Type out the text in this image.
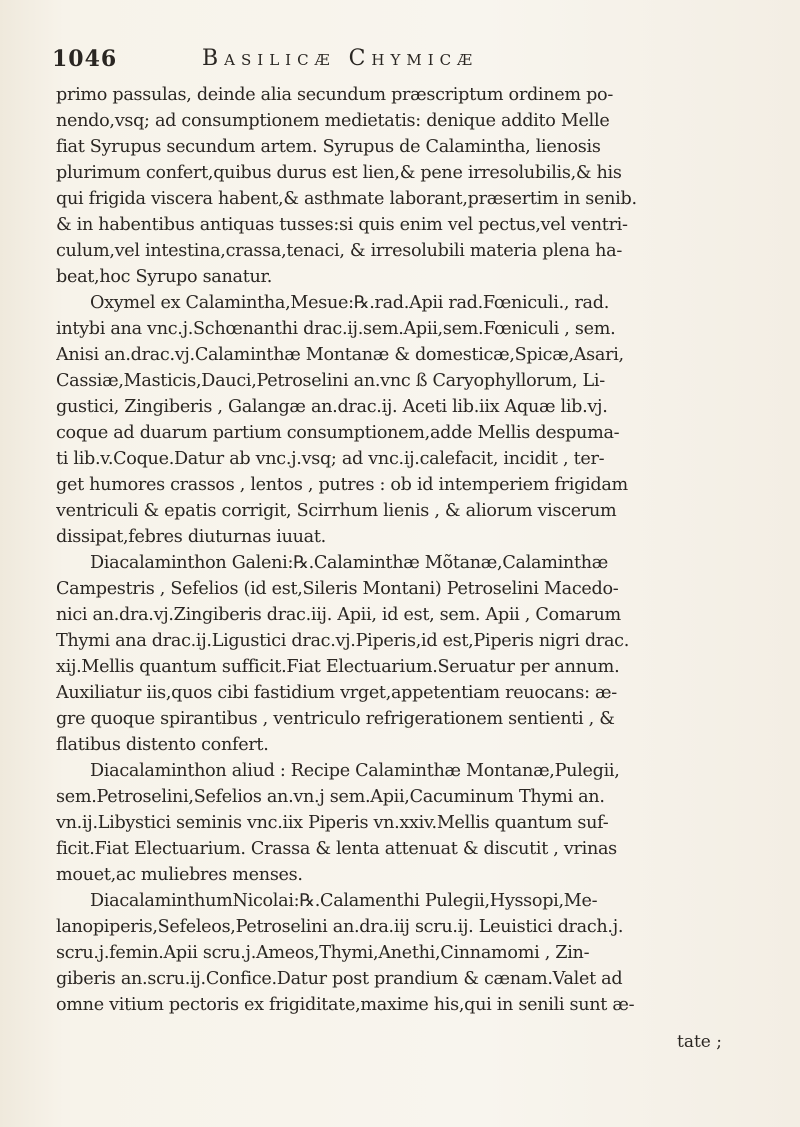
1046	Basilicæ Chymicæ
primo passulas, deinde alia secundum præscriptum ordinem po-
nendo,vsq; ad consumptionem medietatis: denique addito Melle
fiat Syrupus secundum artem. Syrupus de Calamintha, lienosis
plurimum confert,quibus durus est lien,& pene irresolubilis,& his
qui frigida viscera habent,& asthmate laborant,præsertim in senib.
& in habentibus antiquas tusses:si quis enim vel pectus,vel ventri-
culum,vel intestina,crassa,tenaci, & irresolubili materia plena ha-
beat,hoc Syrupo sanatur.
Oxymel ex Calamintha,Mesue:℞.rad.Apii rad.Fœniculi., rad.
intybi ana vnc.j.Schœnanthi drac.ij.sem.Apii,sem.Fœniculi , sem.
Anisi an.drac.vj.Calaminthæ Montanæ & domesticæ,Spicæ,Asari,
Cassiæ,Masticis,Dauci,Petroselini an.vnc ß Caryophyllorum, Li-
gustici, Zingiberis , Galangæ an.drac.ij. Aceti lib.iix Aquæ lib.vj.
coque ad duarum partium consumptionem,adde Mellis despuma-
ti lib.v.Coque.Datur ab vnc.j.vsq; ad vnc.ij.calefacit, incidit , ter-
get humores crassos , lentos , putres : ob id intemperiem frigidam
ventriculi & epatis corrigit, Scirrhum lienis , & aliorum viscerum
dissipat,febres diuturnas iuuat.
Diacalaminthon Galeni:℞.Calaminthæ Mõtanæ,Calaminthæ
Campestris , Sefelios (id est,Sileris Montani) Petroselini Macedo-
nici an.dra.vj.Zingiberis drac.iij. Apii, id est, sem. Apii , Comarum
Thymi ana drac.ij.Ligustici drac.vj.Piperis,id est,Piperis nigri drac.
xij.Mellis quantum sufficit.Fiat Electuarium.Seruatur per annum.
Auxiliatur iis,quos cibi fastidium vrget,appetentiam reuocans: æ-
gre quoque spirantibus , ventriculo refrigerationem sentienti , &
flatibus distento confert.
Diacalaminthon aliud : Recipe Calaminthæ Montanæ,Pulegii,
sem.Petroselini,Sefelios an.vn.j sem.Apii,Cacuminum Thymi an.
vn.ij.Libystici seminis vnc.iix Piperis vn.xxiv.Mellis quantum suf-
ficit.Fiat Electuarium. Crassa & lenta attenuat & discutit , vrinas
mouet,ac muliebres menses.
DiacalaminthumNicolai:℞.Calamenthi Pulegii,Hyssopi,Me-
lanopiperis,Sefeleos,Petroselini an.dra.iij scru.ij. Leuistici drach.j.
scru.j.femin.Apii scru.j.Ameos,Thymi,Anethi,Cinnamomi , Zin-
giberis an.scru.ij.Confice.Datur post prandium & cænam.Valet ad
omne vitium pectoris ex frigiditate,maxime his,qui in senili sunt æ-
tate ;
